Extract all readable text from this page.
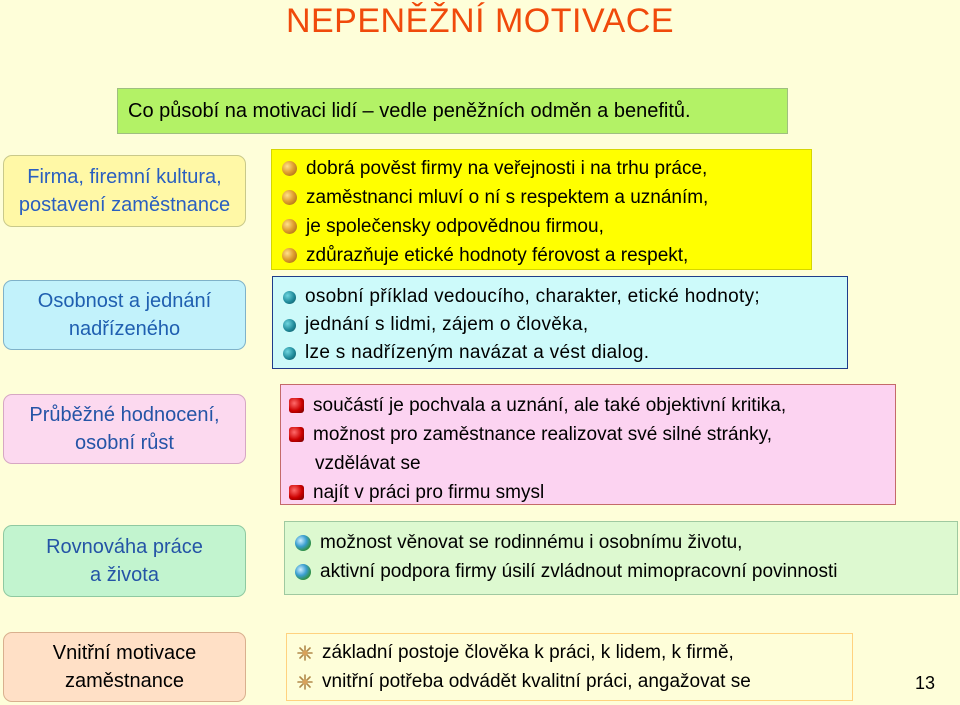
NEPENĚŽNÍ MOTIVACE
Co působí na motivaci lidí – vedle peněžních odměn a benefitů.
Firma, firemní kultura,
postavení zaměstnance
Osobnost a jednání
nadřízeného
Průběžné hodnocení,
osobní růst
Rovnováha práce
a života
Vnitřní motivace
zaměstnance
dobrá pověst firmy na veřejnosti i na trhu práce,
zaměstnanci mluví o ní s respektem a uznáním,
je společensky odpovědnou firmou,
zdůrazňuje etické hodnoty férovost a respekt,
osobní příklad vedoucího, charakter, etické hodnoty;
jednání s lidmi, zájem o člověka,
lze s nadřízeným navázat a vést dialog.
součástí je pochvala a uznání, ale také objektivní kritika,
možnost pro zaměstnance realizovat své silné stránky,
vzdělávat se
najít v práci pro firmu smysl
možnost věnovat se rodinnému i osobnímu životu,
aktivní podpora firmy úsilí zvládnout mimopracovní povinnosti
základní postoje člověka k práci, k lidem, k firmě,
vnitřní potřeba odvádět kvalitní práci, angažovat se	13
